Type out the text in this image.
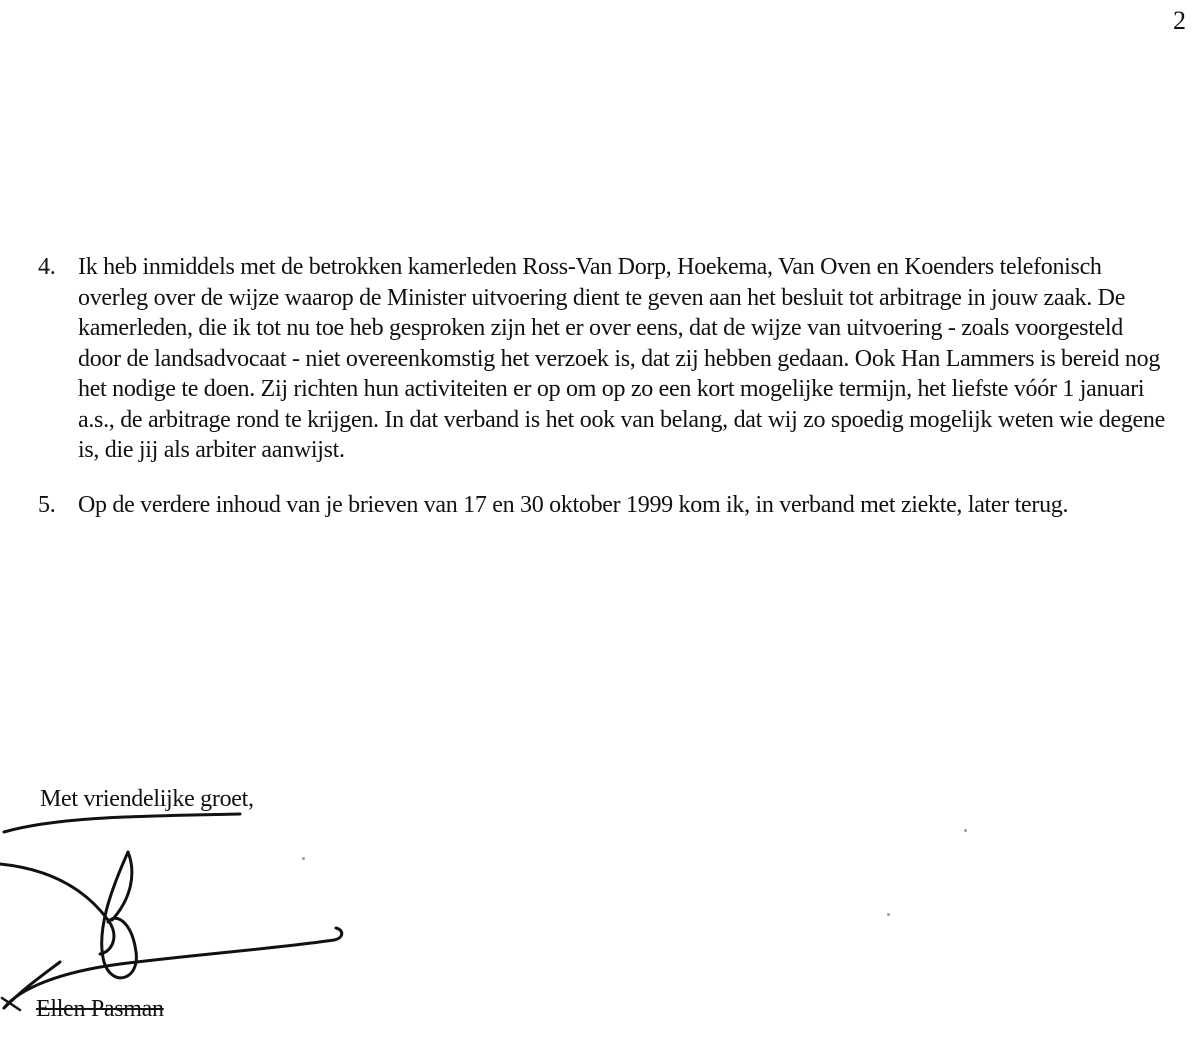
2
4. Ik heb inmiddels met de betrokken kamerleden Ross-Van Dorp, Hoekema, Van Oven en Koenders telefonisch overleg over de wijze waarop de Minister uitvoering dient te geven aan het besluit tot arbitrage in jouw zaak. De kamerleden, die ik tot nu toe heb gesproken zijn het er over eens, dat de wijze van uitvoering - zoals voorgesteld door de landsadvocaat - niet overeenkomstig het verzoek is, dat zij hebben gedaan. Ook Han Lammers is bereid nog het nodige te doen. Zij richten hun activiteiten er op om op zo een kort mogelijke termijn, het liefste vóór 1 januari a.s., de arbitrage rond te krijgen. In dat verband is het ook van belang, dat wij zo spoedig mogelijk weten wie degene is, die jij als arbiter aanwijst.
5. Op de verdere inhoud van je brieven van 17 en 30 oktober 1999 kom ik, in verband met ziekte, later terug.
Met vriendelijke groet,
Ellen Pasman
